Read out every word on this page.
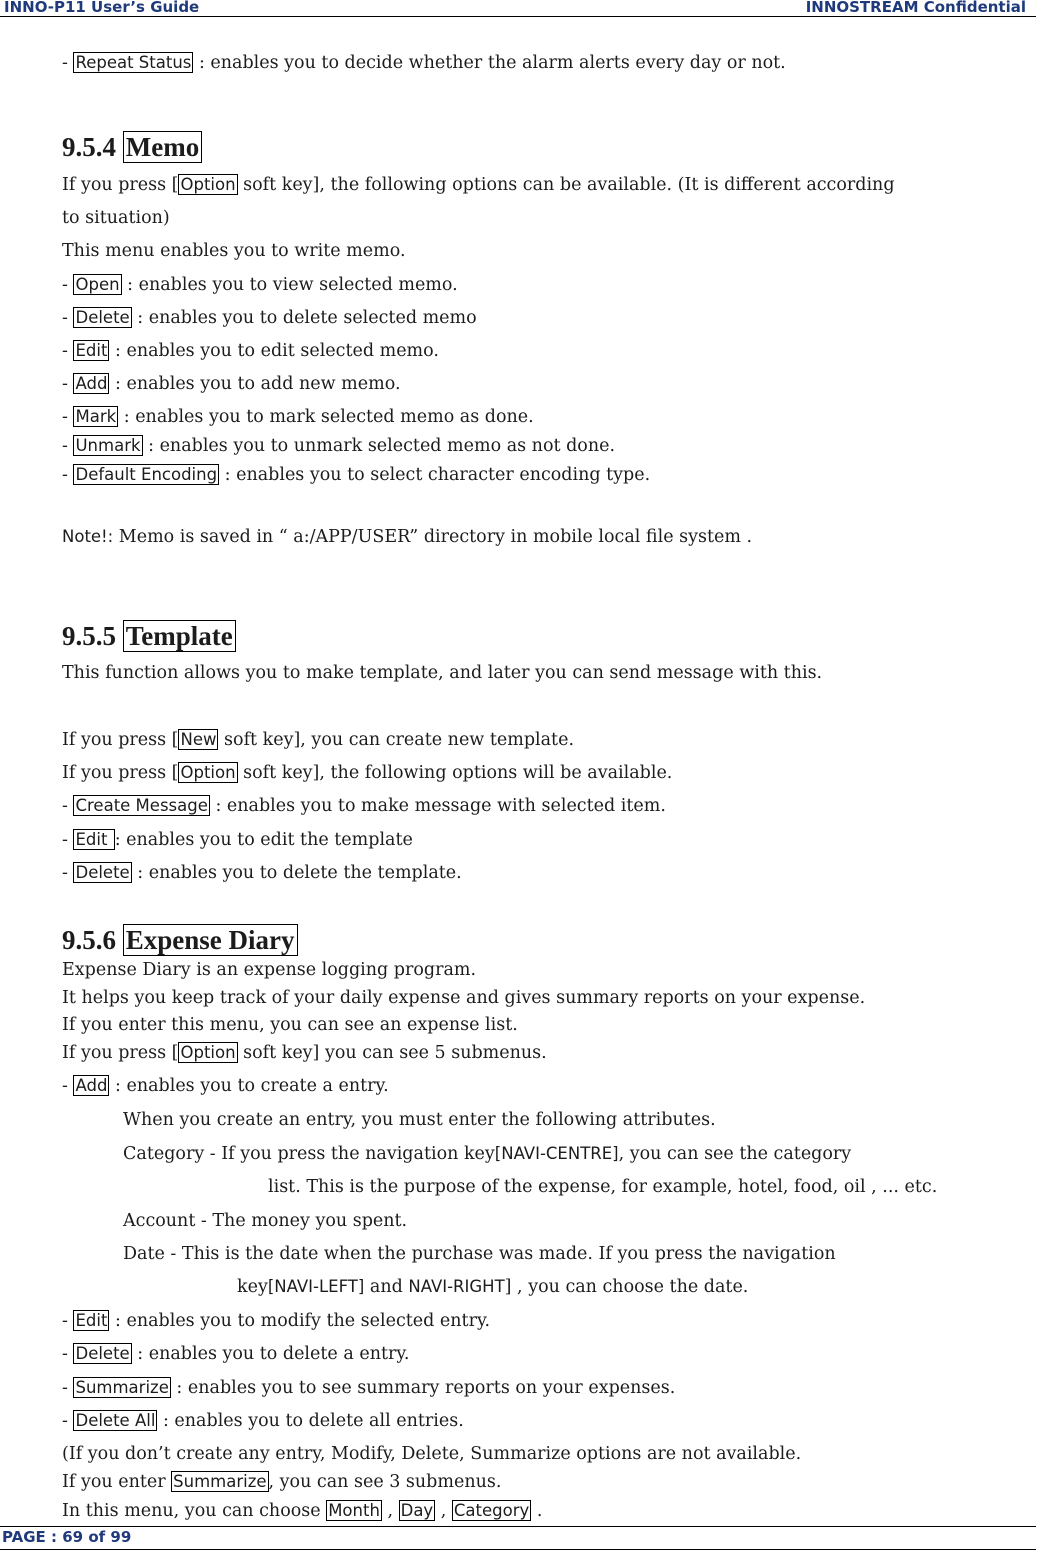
INNO-P11 User’s Guide	INNOSTREAM Confidential
- Repeat Status : enables you to decide whether the alarm alerts every day or not.
9.5.4 Memo
If you press [ Option soft key], the following options can be available. (It is different according
to situation)
This menu enables you to write memo.
- Open : enables you to view selected memo.
- Delete : enables you to delete selected memo
- Edit : enables you to edit selected memo.
- Add : enables you to add new memo.
- Mark : enables you to mark selected memo as done.
- Unmark : enables you to unmark selected memo as not done.
- Default Encoding : enables you to select character encoding type.
Note!: Memo is saved in “ a:/APP/USER” directory in mobile local file system .
9.5.5 Template
This function allows you to make template, and later you can send message with this.
If you press [ New soft key], you can create new template.
If you press [ Option soft key], the following options will be available.
- Create Message : enables you to make message with selected item.
- Edit : enables you to edit the template
- Delete : enables you to delete the template.
9.5.6 Expense Diary
Expense Diary is an expense logging program.
It helps you keep track of your daily expense and gives summary reports on your expense.
If you enter this menu, you can see an expense list.
If you press [ Option soft key] you can see 5 submenus.
- Add : enables you to create a entry.
When you create an entry, you must enter the following attributes.
Category - If you press the navigation key[NAVI-CENTRE], you can see the category
list. This is the purpose of the expense, for example, hotel, food, oil , ... etc.
Account - The money you spent.
Date - This is the date when the purchase was made. If you press the navigation
key[NAVI-LEFT] and NAVI-RIGHT] , you can choose the date.
- Edit : enables you to modify the selected entry.
- Delete : enables you to delete a entry.
- Summarize : enables you to see summary reports on your expenses.
- Delete All : enables you to delete all entries.
(If you don’t create any entry, Modify, Delete, Summarize options are not available.
If you enter Summarize , you can see 3 submenus.
In this menu, you can choose Month , Day , Category .
PAGE : 69 of 99
